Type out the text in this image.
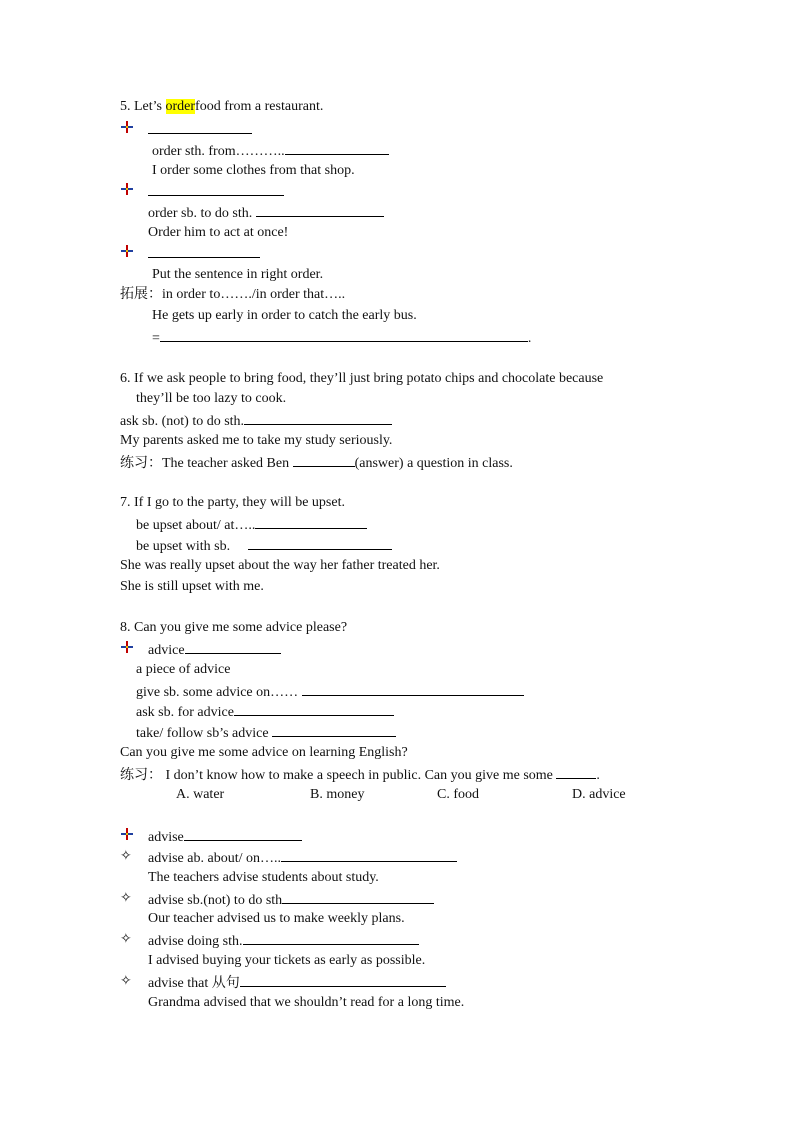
5. Let’s orderfood from a restaurant.
order sth. from………..
I order some clothes from that shop.
order sb. to do sth.
Order him to act at once!
Put the sentence in right order.
拓展：in order to……./in order that…..
He gets up early in order to catch the early bus.
=	.
6. If we ask people to bring food, they’ll just bring potato chips and chocolate because
they’ll be too lazy to cook.
ask sb. (not) to do sth.
My parents asked me to take my study seriously.
练习：The teacher asked Ben	(answer) a question in class.
7. If I go to the party, they will be upset.
be upset about/ at…..
be upset with sb.
She was really upset about the way her father treated her.
She is still upset with me.
8. Can you give me some advice please?
advice
a piece of advice
give sb. some advice on……
ask sb. for advice
take/ follow sb’s advice
Can you give me some advice on learning English?
练习： I don’t know how to make a speech in public. Can you give me some	.
A. water	B. money	C. food	D. advice
advise
✧ advise ab. about/ on…..
The teachers advise students about study.
✧ advise sb.(not) to do sth
Our teacher advised us to make weekly plans.
✧ advise doing sth.
I advised buying your tickets as early as possible.
✧ advise that 从句
Grandma advised that we shouldn’t read for a long time.
